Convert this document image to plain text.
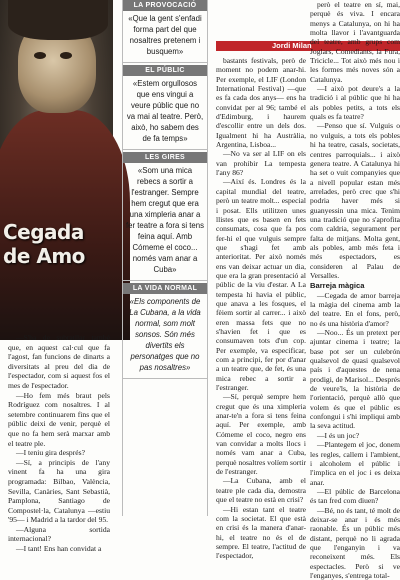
Cegada de Amo

—S'ha de subratllar també que, en aquest cal·cul que fa l'agost, fan funcions de dinarts a diversitats al preu del dia de l'espectador, com si aquest fos el mes de l'espectador.

—Ho fem més braut pels Rodríguez com nosaltres. I al setembre continuarem fins que el públic deixi de venir, perquè el que no fa hem serà marxar amb el teatre ple.

—I teniu gira després?

—Sí, a principis de l'any vinent fa ha una gira programada: Bilbao, València, Sevilla, Canàries, Sant Sebastià, Pamplona, Santiago de Compostel·la, Catalunya —estiu '95— i Madrid a la tardor del 95.

—Alguna sortida internacional?

—I tant! Ens han convidat a

LA PROVOCACIÓ
«Que la gent s'enfadi forma part del que nosaltres pretenem i busquem»
EL PÚBLIC
«Estem orgullosos que ens vingui a veure públic que no va mai al teatre. Però, això, ho sabem des de fa temps»
LES GIRES
«Som una mica rebecs a sortir a l'estranger. Sempre hem cregut que era una ximpleria anar a fer teatre a fora si tens feina aquí. Amb Cómeme el coco... només vam anar a Cuba»
LA VIDA NORMAL
«Els components de La Cubana, a la vida normal, som molt sonsos. Són més divertits els personatges que no pas nosaltres»
Jordi Milan

bastants festivals, però de moment no podem anar-hi. Per exemple, el LIF (London International Festival) —que es fa cada dos anys— ens ha convidat per al 96; també el d'Edimburg, i haurem d'escollir entre un dels dos. Igualment hi ha Austràlia, Argentina, Lisboa...

—No va ser al LIF on els van prohibir La tempesta l'any 86?

—Així és. Londres és la capital mundial del teatre, però un teatre molt... especial i posat. Ells utilitzen unes llistes que es basen en fets consumats, cosa que fa pos fer-hi el que vulguis sempre que s'hagi fet amb anterioritat. Per això només ens van deixar actuar un dia, que era la gran presentació al públic de la viu d'estar. A La tempesta hi havia el públic, que anava a les fosques, el fèiem sortir al carrer... i això eren massa fets que no s'havien fet i que es consumaven tots d'un cop. Per exemple, va especificar, com a principi, fer por d'anar a un teatre que, de fet, és una mica rebec a sortir a l'estranger.

—Sí, perquè sempre hem cregut que és una ximpleria anar-te'n a fora si tens feina aquí. Per exemple, amb Cómeme el coco, negro ens van convidar a molts llocs i només vam anar a Cuba, perquè nosaltres volíem sortir de l'estranger.

—La Cubana, amb el teatre ple cada dia, demostra que el teatre no està en crisi?

—Hi estan tant el teatre com la societat. El que està en crisi és la manera d'anar-hi, el teatre no és el de sempre. El teatre, l'actitud de l'espectador,

però el teatre en sí, mai, perquè és viva. I encara menys a Catalunya, on hi ha molta llavor i l'avantguarda del teatre, amb grups com Joglars, Comediants, la Fura, Tricicle... Tot això més nou i les formes més noves són a Catalunya.

—I això pot deure's a la tradició i al públic que hi ha als pobles petits, a tots els quals es fa teatre?

—Penso que sí. Vulguis o no vulguis, a tots els pobles hi ha teatre, casals, societats, centres parroquials... i això genera teatre. A Catalunya hi ha set o vuit companyies que a nivell popular estan més arrelades, però crec que s'hi podria haver més si guanyessin una mica. Tenim una tradició que no s'aprofita com caldria, segurament per falta de mitjans. Molta gent, als pobles, amb més feta i més espectadors, es consideren al Palau de Versalles.

Barreja màgica

—Cegada de amor barreja la màgia del cinema amb la del teatre. En el fons, però, no és una història d'amor?

—Noo... És un pretext per ajuntar cinema i teatre; la base pot ser un culebrón qualsevol de quasi qualsevol país i d'aquestes de nena prodigi, de Marisol... Després de veure'ls, la història de l'orientació, perquè allò que volem és que el públic es confongui i s'hi impliqui amb la seva actitud.

—I és un joc?

—Plantegem el joc, donem les regles, callem i l'ambient, i alcoholem el públic i l'implica en el joc i es deixa anar.

—El públic de Barcelona és tan fred com diuen?

—Bé, no és tant, té molt de deixar-se anar i és més raonable. És un públic més distant, perquè no li agrada que l'enganyin i va reconeixent més. Els espectacles. Però si ve l'enganyes, s'entrega total-
